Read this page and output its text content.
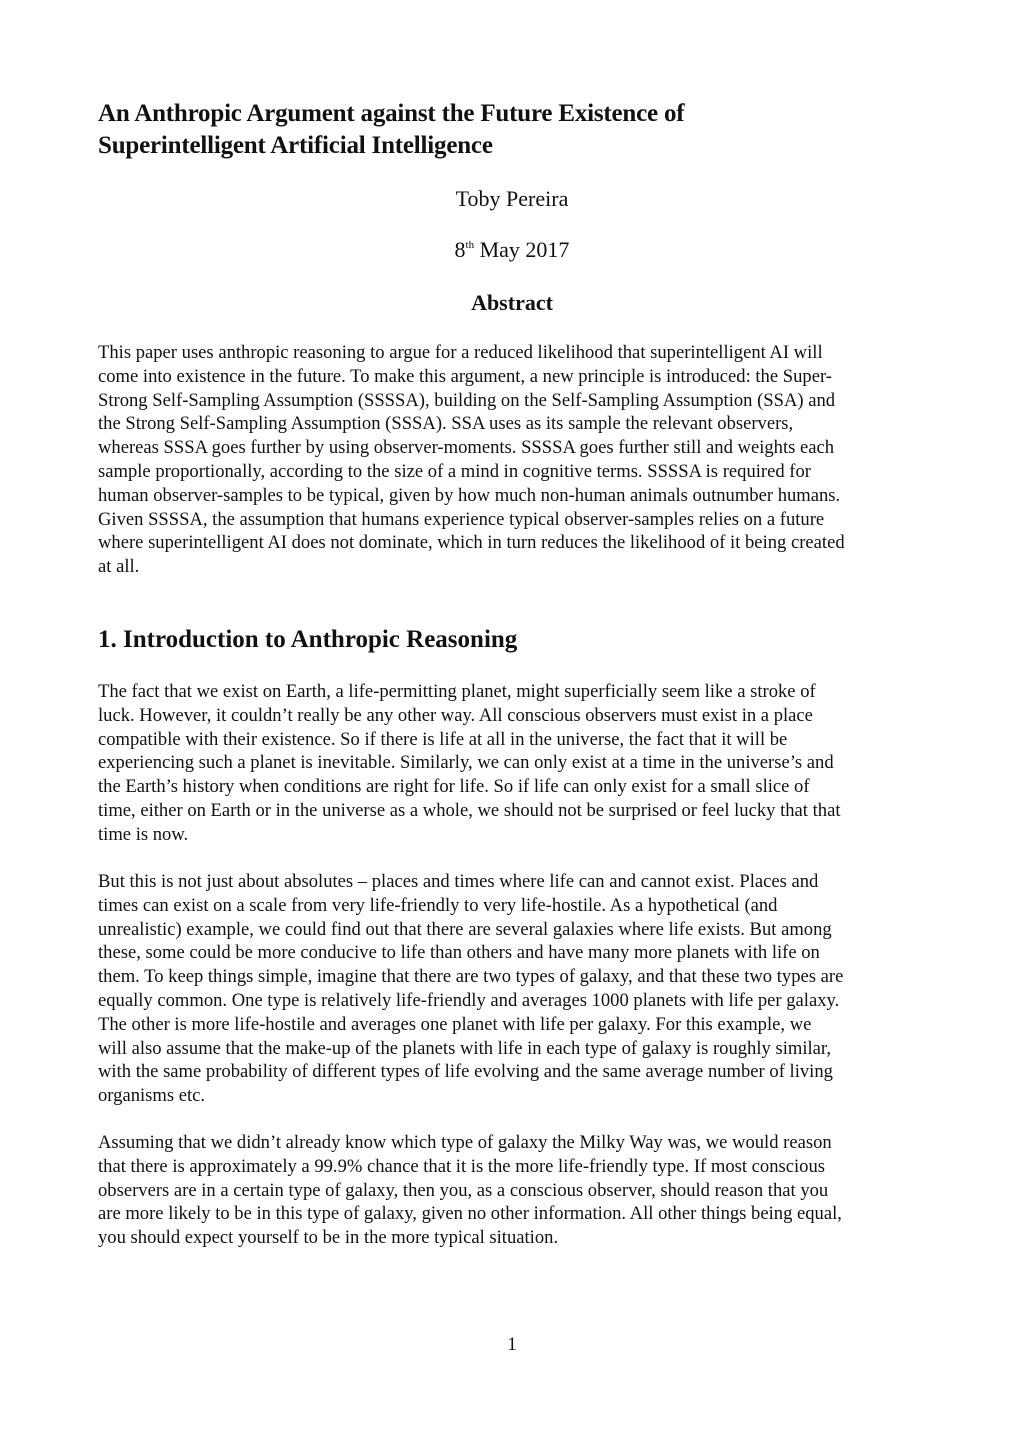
An Anthropic Argument against the Future Existence of
Superintelligent Artificial Intelligence

Toby Pereira

8th May 2017

Abstract

This paper uses anthropic reasoning to argue for a reduced likelihood that superintelligent AI will
come into existence in the future. To make this argument, a new principle is introduced: the Super-
Strong Self-Sampling Assumption (SSSSA), building on the Self-Sampling Assumption (SSA) and
the Strong Self-Sampling Assumption (SSSA). SSA uses as its sample the relevant observers,
whereas SSSA goes further by using observer-moments. SSSSA goes further still and weights each
sample proportionally, according to the size of a mind in cognitive terms. SSSSA is required for
human observer-samples to be typical, given by how much non-human animals outnumber humans.
Given SSSSA, the assumption that humans experience typical observer-samples relies on a future
where superintelligent AI does not dominate, which in turn reduces the likelihood of it being created
at all.

1. Introduction to Anthropic Reasoning

The fact that we exist on Earth, a life-permitting planet, might superficially seem like a stroke of
luck. However, it couldn’t really be any other way. All conscious observers must exist in a place
compatible with their existence. So if there is life at all in the universe, the fact that it will be
experiencing such a planet is inevitable. Similarly, we can only exist at a time in the universe’s and
the Earth’s history when conditions are right for life. So if life can only exist for a small slice of
time, either on Earth or in the universe as a whole, we should not be surprised or feel lucky that that
time is now.

But this is not just about absolutes – places and times where life can and cannot exist. Places and
times can exist on a scale from very life-friendly to very life-hostile. As a hypothetical (and
unrealistic) example, we could find out that there are several galaxies where life exists. But among
these, some could be more conducive to life than others and have many more planets with life on
them. To keep things simple, imagine that there are two types of galaxy, and that these two types are
equally common. One type is relatively life-friendly and averages 1000 planets with life per galaxy.
The other is more life-hostile and averages one planet with life per galaxy. For this example, we
will also assume that the make-up of the planets with life in each type of galaxy is roughly similar,
with the same probability of different types of life evolving and the same average number of living
organisms etc.

Assuming that we didn’t already know which type of galaxy the Milky Way was, we would reason
that there is approximately a 99.9% chance that it is the more life-friendly type. If most conscious
observers are in a certain type of galaxy, then you, as a conscious observer, should reason that you
are more likely to be in this type of galaxy, given no other information. All other things being equal,
you should expect yourself to be in the more typical situation.

1
